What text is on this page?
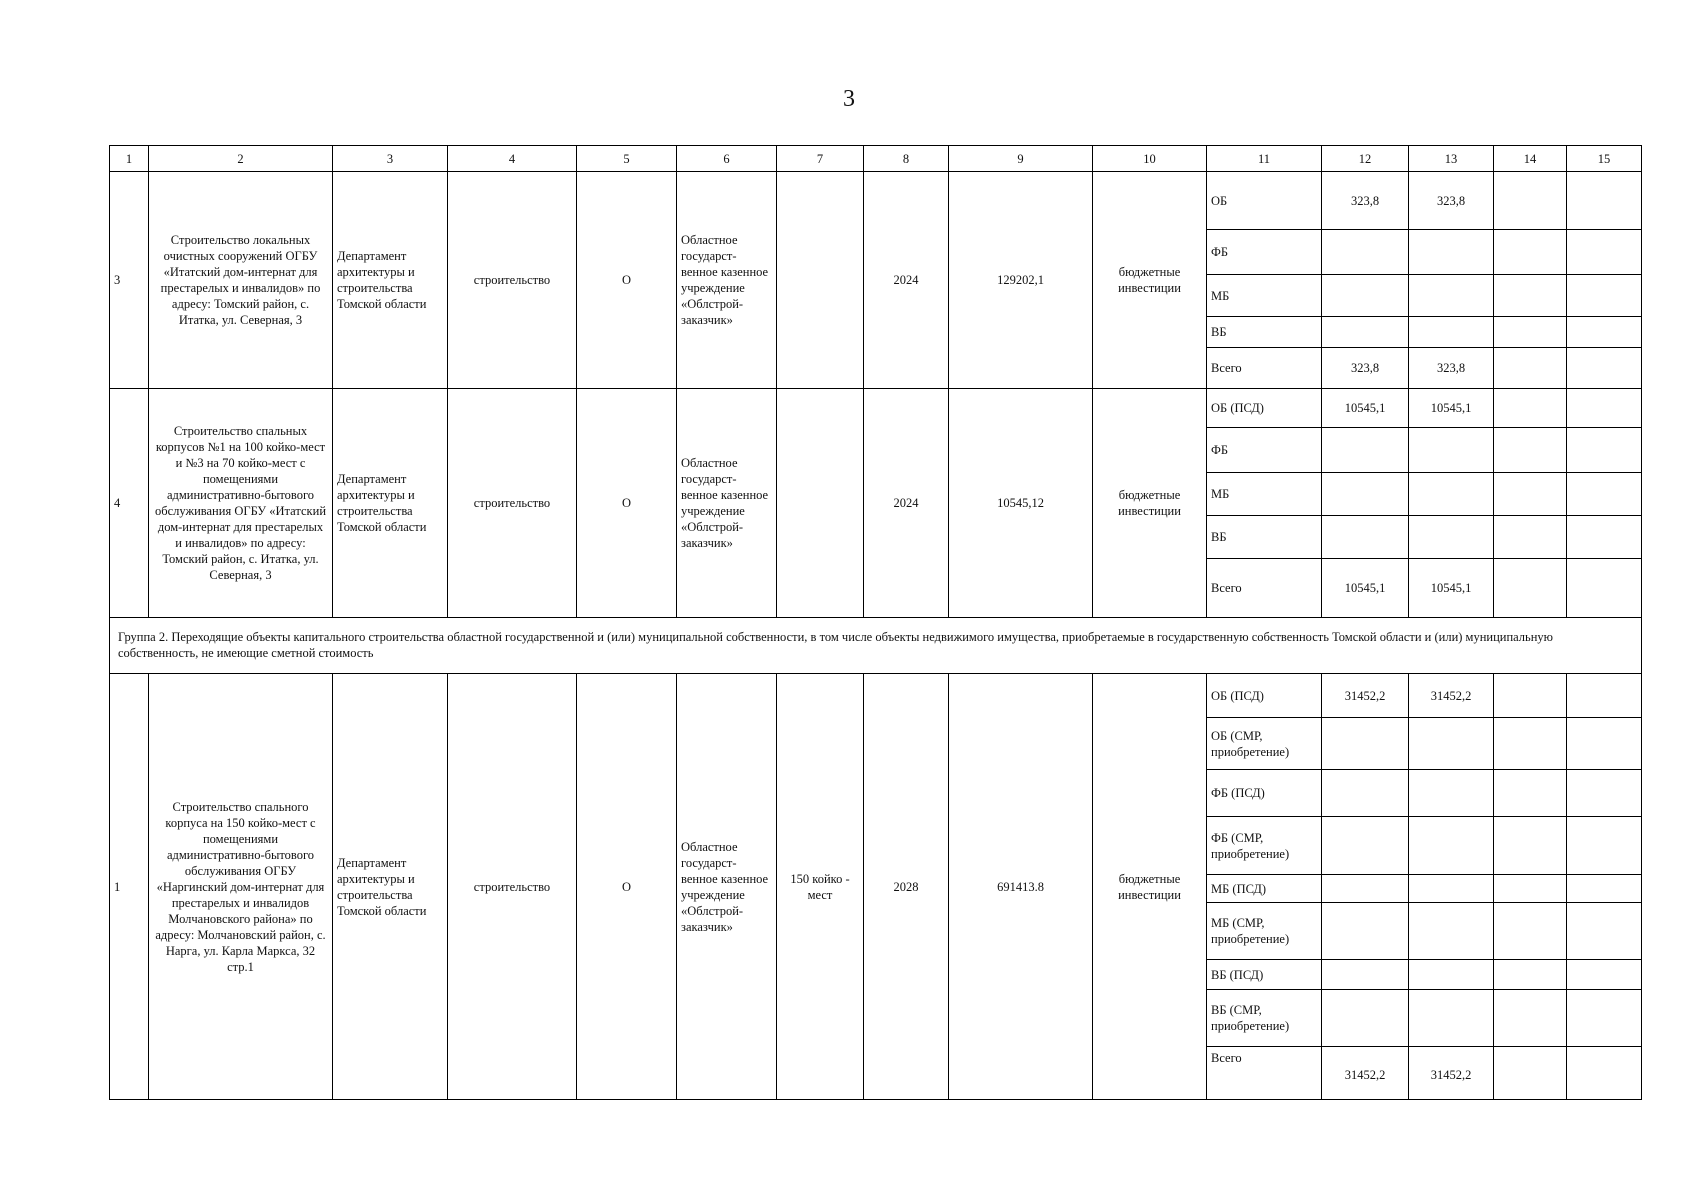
3
1	2	3	4	5	6	7	8	9	10	11	12	13	14	15
3	Строительство локальных очистных сооружений ОГБУ «Итатский дом-интернат для престарелых и инвалидов» по адресу: Томский район, с. Итатка, ул. Северная, 3	Департамент архитектуры и строительства Томской области	строительство	О	Областное государст-венное казенное учреждение «Облстрой-заказчик»		2024	129202,1	бюджетные инвестиции	ОБ	323,8	323,8		
										ФБ				
										МБ				
										ВБ				
										Всего	323,8	323,8		
4	Строительство спальных корпусов №1 на 100 койко-мест и №3 на 70 койко-мест с помещениями административно-бытового обслуживания ОГБУ «Итатский дом-интернат для престарелых и инвалидов» по адресу: Томский район, с. Итатка, ул. Северная, 3	Департамент архитектуры и строительства Томской области	строительство	О	Областное государст-венное казенное учреждение «Облстрой-заказчик»		2024	10545,12	бюджетные инвестиции	ОБ (ПСД)	10545,1	10545,1		
										ФБ				
										МБ				
										ВБ				
										Всего	10545,1	10545,1		
Группа 2. Переходящие объекты капитального строительства областной государственной и (или) муниципальной собственности, в том числе объекты недвижимого имущества, приобретаемые в государственную собственность Томской области и (или) муниципальную собственность, не имеющие сметной стоимость														
1	Строительство спального корпуса на 150 койко-мест с помещениями административно-бытового обслуживания ОГБУ «Наргинский дом-интернат для престарелых и инвалидов Молчановского района» по адресу: Молчановский район, с. Нарга, ул. Карла Маркса, 32 стр.1	Департамент архитектуры и строительства Томской области	строительство	О	Областное государст-венное казенное учреждение «Облстрой-заказчик»	150 койко - мест	2028	691413.8	бюджетные инвестиции	ОБ (ПСД)	31452,2	31452,2		
										ОБ (СМР, приобретение)				
										ФБ (ПСД)				
										ФБ (СМР, приобретение)				
										МБ (ПСД)				
										МБ (СМР, приобретение)				
										ВБ (ПСД)				
										ВБ (СМР, приобретение)				
										Всего	31452,2	31452,2		
